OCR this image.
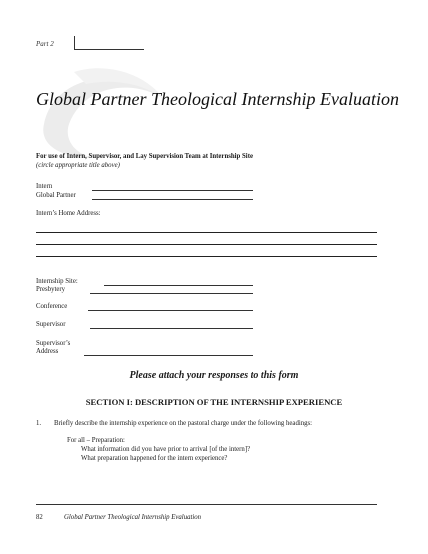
Part 2
Global Partner Theological Internship Evaluation
For use of Intern, Supervisor, and Lay Supervision Team at Internship Site
(circle appropriate title above)
Intern
Global Partner
Intern’s Home Address:
Internship Site:
Presbytery
Conference
Supervisor
Supervisor’s
Address
Please attach your responses to this form
SECTION I: DESCRIPTION OF THE INTERNSHIP EXPERIENCE
1. Briefly describe the internship experience on the pastoral charge under the following headings:
For all – Preparation:
What information did you have prior to arrival [of the intern]?
What preparation happened for the intern experience?
82	Global Partner Theological Internship Evaluation
